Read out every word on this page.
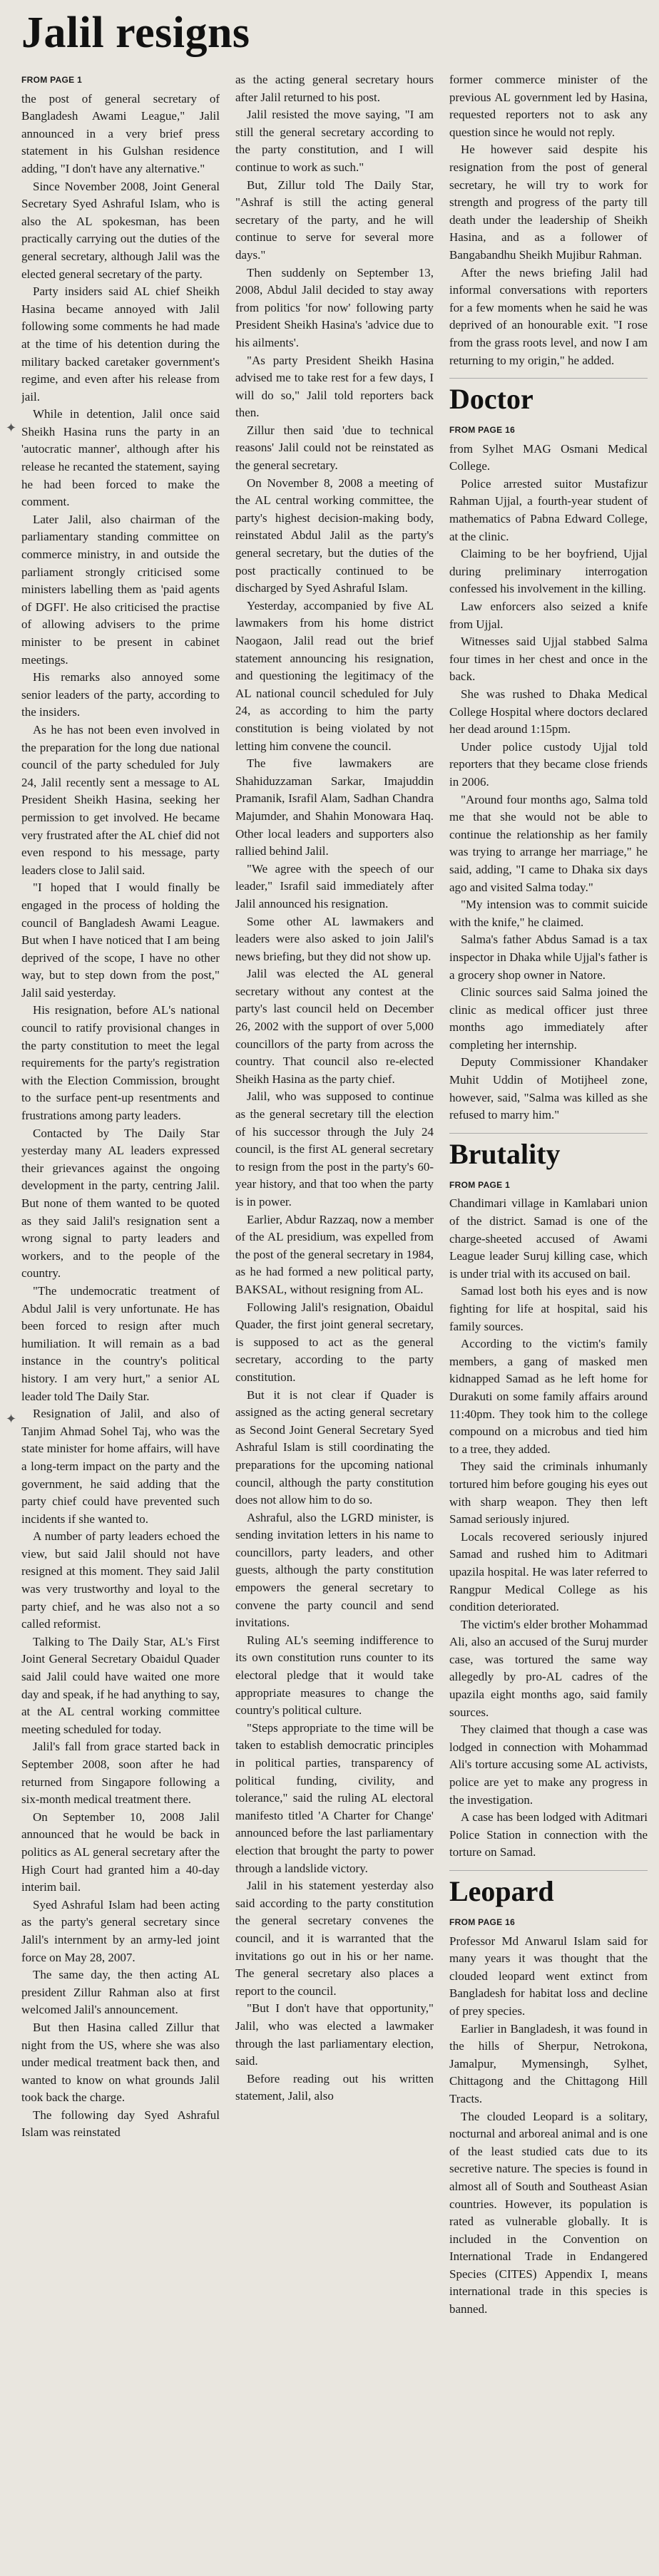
Jalil resigns
FROM PAGE 1

the post of general secretary of Bangladesh Awami League," Jalil announced in a very brief press statement in his Gulshan residence adding, "I don't have any alternative."

Since November 2008, Joint General Secretary Syed Ashraful Islam, who is also the AL spokesman, has been practically carrying out the duties of the general secretary, although Jalil was the elected general secretary of the party.

Party insiders said AL chief Sheikh Hasina became annoyed with Jalil following some comments he had made at the time of his detention during the military backed caretaker government's regime, and even after his release from jail.

While in detention, Jalil once said Sheikh Hasina runs the party in an 'autocratic manner', although after his release he recanted the statement, saying he had been forced to make the comment.

Later Jalil, also chairman of the parliamentary standing committee on commerce ministry, in and outside the parliament strongly criticised some ministers labelling them as 'paid agents of DGFI'. He also criticised the practise of allowing advisers to the prime minister to be present in cabinet meetings.

His remarks also annoyed some senior leaders of the party, according to the insiders.

As he has not been even involved in the preparation for the long due national council of the party scheduled for July 24, Jalil recently sent a message to AL President Sheikh Hasina, seeking her permission to get involved. He became very frustrated after the AL chief did not even respond to his message, party leaders close to Jalil said.

"I hoped that I would finally be engaged in the process of holding the council of Bangladesh Awami League. But when I have noticed that I am being deprived of the scope, I have no other way, but to step down from the post," Jalil said yesterday.

His resignation, before AL's national council to ratify provisional changes in the party constitution to meet the legal requirements for the party's registration with the Election Commission, brought to the surface pent-up resentments and frustrations among party leaders.

Contacted by The Daily Star yesterday many AL leaders expressed their grievances against the ongoing development in the party, centring Jalil. But none of them wanted to be quoted as they said Jalil's resignation sent a wrong signal to party leaders and workers, and to the people of the country.

"The undemocratic treatment of Abdul Jalil is very unfortunate. He has been forced to resign after much humiliation. It will remain as a bad instance in the country's political history. I am very hurt," a senior AL leader told The Daily Star.

Resignation of Jalil, and also of Tanjim Ahmad Sohel Taj, who was the state minister for home affairs, will have a long-term impact on the party and the government, he said adding that the party chief could have prevented such incidents if she wanted to.

A number of party leaders echoed the view, but said Jalil should not have resigned at this moment. They said Jalil was very trustworthy and loyal to the party chief, and he was also not a so called reformist.

Talking to The Daily Star, AL's First Joint General Secretary Obaidul Quader said Jalil could have waited one more day and speak, if he had anything to say, at the AL central working committee meeting scheduled for today.

Jalil's fall from grace started back in September 2008, soon after he had returned from Singapore following a six-month medical treatment there.

On September 10, 2008 Jalil announced that he would be back in politics as AL general secretary after the High Court had granted him a 40-day interim bail.

Syed Ashraful Islam had been acting as the party's general secretary since Jalil's internment by an army-led joint force on May 28, 2007.

The same day, the then acting AL president Zillur Rahman also at first welcomed Jalil's announcement.

But then Hasina called Zillur that night from the US, where she was also under medical treatment back then, and wanted to know on what grounds Jalil took back the charge.

The following day Syed Ashraful Islam was reinstated

as the acting general secretary hours after Jalil returned to his post.

Jalil resisted the move saying, "I am still the general secretary according to the party constitution, and I will continue to work as such."

But, Zillur told The Daily Star, "Ashraf is still the acting general secretary of the party, and he will continue to serve for several more days."

Then suddenly on September 13, 2008, Abdul Jalil decided to stay away from politics 'for now' following party President Sheikh Hasina's 'advice due to his ailments'.

"As party President Sheikh Hasina advised me to take rest for a few days, I will do so," Jalil told reporters back then.

Zillur then said 'due to technical reasons' Jalil could not be reinstated as the general secretary.

On November 8, 2008 a meeting of the AL central working committee, the party's highest decision-making body, reinstated Abdul Jalil as the party's general secretary, but the duties of the post practically continued to be discharged by Syed Ashraful Islam.

Yesterday, accompanied by five AL lawmakers from his home district Naogaon, Jalil read out the brief statement announcing his resignation, and questioning the legitimacy of the AL national council scheduled for July 24, as according to him the party constitution is being violated by not letting him convene the council.

The five lawmakers are Shahiduzzaman Sarkar, Imajuddin Pramanik, Israfil Alam, Sadhan Chandra Majumder, and Shahin Monowara Haq. Other local leaders and supporters also rallied behind Jalil.

"We agree with the speech of our leader," Israfil said immediately after Jalil announced his resignation.

Some other AL lawmakers and leaders were also asked to join Jalil's news briefing, but they did not show up.

Jalil was elected the AL general secretary without any contest at the party's last council held on December 26, 2002 with the support of over 5,000 councillors of the party from across the country. That council also re-elected Sheikh Hasina as the party chief.

Jalil, who was supposed to continue as the general secretary till the election of his successor through the July 24 council, is the first AL general secretary to resign from the post in the party's 60-year history, and that too when the party is in power.

Earlier, Abdur Razzaq, now a member of the AL presidium, was expelled from the post of the general secretary in 1984, as he had formed a new political party, BAKSAL, without resigning from AL.

Following Jalil's resignation, Obaidul Quader, the first joint general secretary, is supposed to act as the general secretary, according to the party constitution.

But it is not clear if Quader is assigned as the acting general secretary as Second Joint General Secretary Syed Ashraful Islam is still coordinating the preparations for the upcoming national council, although the party constitution does not allow him to do so.

Ashraful, also the LGRD minister, is sending invitation letters in his name to councillors, party leaders, and other guests, although the party constitution empowers the general secretary to convene the party council and send invitations.

Ruling AL's seeming indifference to its own constitution runs counter to its electoral pledge that it would take appropriate measures to change the country's political culture.

"Steps appropriate to the time will be taken to establish democratic principles in political parties, transparency of political funding, civility, and tolerance," said the ruling AL electoral manifesto titled 'A Charter for Change' announced before the last parliamentary election that brought the party to power through a landslide victory.

Jalil in his statement yesterday also said according to the party constitution the general secretary convenes the council, and it is warranted that the invitations go out in his or her name. The general secretary also places a report to the council.

"But I don't have that opportunity," Jalil, who was elected a lawmaker through the last parliamentary election, said.

Before reading out his written statement, Jalil, also

former commerce minister of the previous AL government led by Hasina, requested reporters not to ask any question since he would not reply.

He however said despite his resignation from the post of general secretary, he will try to work for strength and progress of the party till death under the leadership of Sheikh Hasina, and as a follower of Bangabandhu Sheikh Mujibur Rahman.

After the news briefing Jalil had informal conversations with reporters for a few moments when he said he was deprived of an honourable exit. "I rose from the grass roots level, and now I am returning to my origin," he added.

Doctor
FROM PAGE 16

from Sylhet MAG Osmani Medical College.

Police arrested suitor Mustafizur Rahman Ujjal, a fourth-year student of mathematics of Pabna Edward College, at the clinic.

Claiming to be her boyfriend, Ujjal during preliminary interrogation confessed his involvement in the killing.

Law enforcers also seized a knife from Ujjal.

Witnesses said Ujjal stabbed Salma four times in her chest and once in the back.

She was rushed to Dhaka Medical College Hospital where doctors declared her dead around 1:15pm.

Under police custody Ujjal told reporters that they became close friends in 2006.

"Around four months ago, Salma told me that she would not be able to continue the relationship as her family was trying to arrange her marriage," he said, adding, "I came to Dhaka six days ago and visited Salma today."

"My intension was to commit suicide with the knife," he claimed.

Salma's father Abdus Samad is a tax inspector in Dhaka while Ujjal's father is a grocery shop owner in Natore.

Clinic sources said Salma joined the clinic as medical officer just three months ago immediately after completing her internship.

Deputy Commissioner Khandaker Muhit Uddin of Motijheel zone, however, said, "Salma was killed as she refused to marry him."

Brutality
FROM PAGE 1

Chandimari village in Kamlabari union of the district. Samad is one of the charge-sheeted accused of Awami League leader Suruj killing case, which is under trial with its accused on bail.

Samad lost both his eyes and is now fighting for life at hospital, said his family sources.

According to the victim's family members, a gang of masked men kidnapped Samad as he left home for Durakuti on some family affairs around 11:40pm. They took him to the college compound on a microbus and tied him to a tree, they added.

They said the criminals inhumanly tortured him before gouging his eyes out with sharp weapon. They then left Samad seriously injured.

Locals recovered seriously injured Samad and rushed him to Aditmari upazila hospital. He was later referred to Rangpur Medical College as his condition deteriorated.

The victim's elder brother Mohammad Ali, also an accused of the Suruj murder case, was tortured the same way allegedly by pro-AL cadres of the upazila eight months ago, said family sources.

They claimed that though a case was lodged in connection with Mohammad Ali's torture accusing some AL activists, police are yet to make any progress in the investigation.

A case has been lodged with Aditmari Police Station in connection with the torture on Samad.

Leopard
FROM PAGE 16

Professor Md Anwarul Islam said for many years it was thought that the clouded leopard went extinct from Bangladesh for habitat loss and decline of prey species.

Earlier in Bangladesh, it was found in the hills of Sherpur, Netrokona, Jamalpur, Mymensingh, Sylhet, Chittagong and the Chittagong Hill Tracts.

The clouded Leopard is a solitary, nocturnal and arboreal animal and is one of the least studied cats due to its secretive nature. The species is found in almost all of South and Southeast Asian countries. However, its population is rated as vulnerable globally. It is included in the Convention on International Trade in Endangered Species (CITES) Appendix I, means international trade in this species is banned.

✦
✦
